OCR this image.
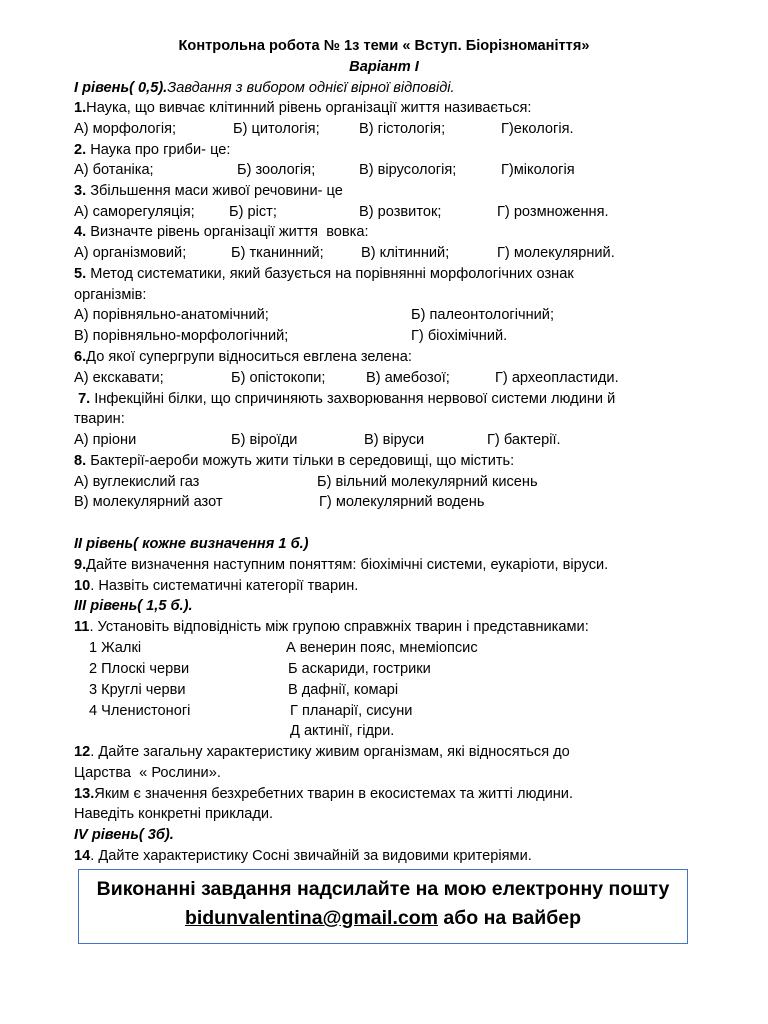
Контрольна робота № 1з теми « Вступ. Біорізноманіття»
Варіант I
I рівень( 0,5).Завдання з вибором однієї вірної відповіді.
1.Наука, що вивчає клітинний рівень організації життя називається:
А) морфологія;	Б) цитологія;	В) гістологія;	Г)екологія.
2. Наука про гриби- це:
А) ботаніка;	Б) зоологія;	В) вірусологія;	Г)мікологія
3. Збільшення маси живої речовини- це
А) саморегуляція; Б) ріст;	В) розвиток;	Г) розмноження.
4. Визначте рівень організації життя  вовка:
А) організмовий;	Б) тканинний;	В) клітинний;	Г) молекулярний.
5. Метод систематики, який базується на порівнянні морфологічних ознак
організмів:
А) порівняльно-анатомічний;	Б) палеонтологічний;
В) порівняльно-морфологічний;	Г) біохімічний.
6.До якої супергрупи відноситься евглена зелена:
А) екскавати;	Б) опістокопи;	В) амебозої;	Г) археопластиди.
7. Інфекційні білки, що спричиняють захворювання нервової системи людини й
тварин:
А) пріони	Б) віроїди	В) віруси	Г) бактерії.
8. Бактерії-аероби можуть жити тільки в середовищі, що містить:
А) вуглекислий газ	Б) вільний молекулярний кисень
В) молекулярний азот	Г) молекулярний водень
II рівень( кожне визначення 1 б.)
9.Дайте визначення наступним поняттям: біохімічні системи, еукаріоти, віруси.
10. Назвіть систематичні категорії тварин.
III рівень( 1,5 б.).
11. Установіть відповідність між групою справжніх тварин і представниками:
1 Жалкі	А венерин пояс, мнеміопсис
2 Плоскі черви	Б аскариди, гострики
3 Круглі черви	В дафнії, комарі
4 Членистоногі	Г планарії, сисуни
Д актинії, гідри.
12. Дайте загальну характеристику живим організмам, які відносяться до
Царства  « Рослини».
13.Яким є значення безхребетних тварин в екосистемах та житті людини.
Наведіть конкретні приклади.
IV рівень( 3б).
14. Дайте характеристику Сосні звичайній за видовими критеріями.
Виконанні завдання надсилайте на мою електронну пошту
bidunvalentina@gmail.com або на вайбер
